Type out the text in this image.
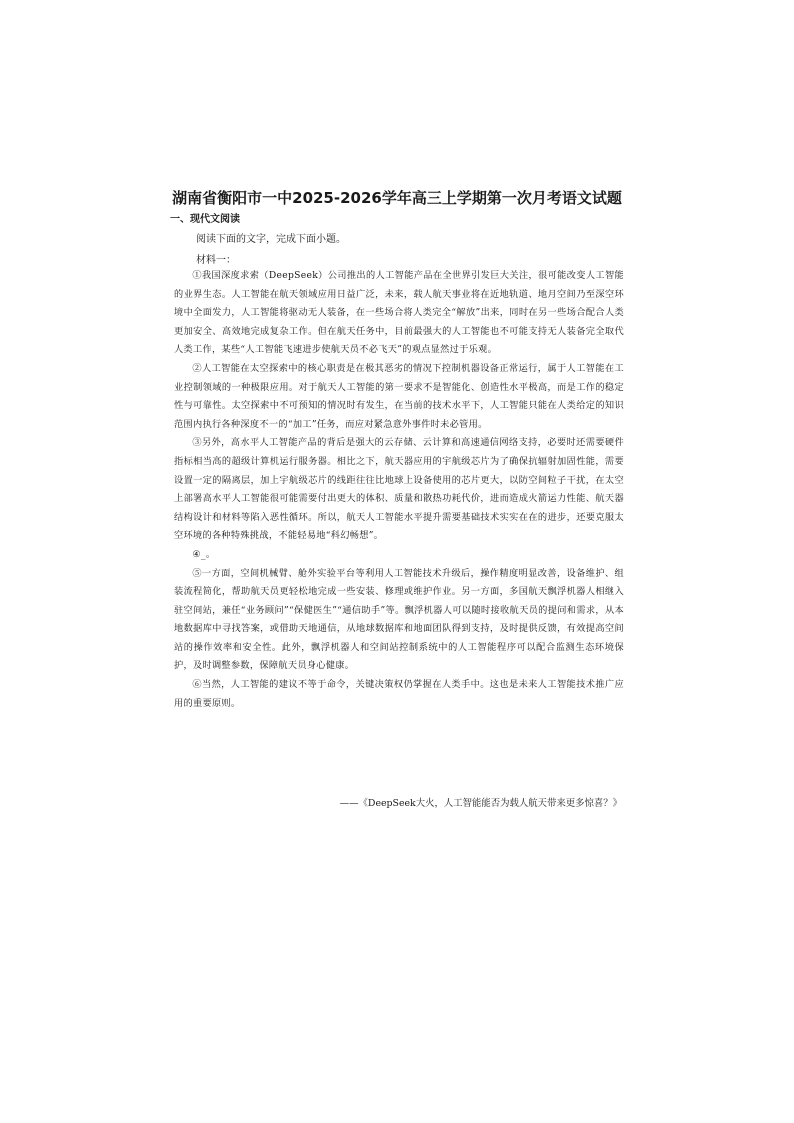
湖南省衡阳市一中2025-2026学年高三上学期第一次月考语文试题
一、现代文阅读
阅读下面的文字，完成下面小题。
材料一：

①我国深度求索（DeepSeek）公司推出的人工智能产品在全世界引发巨大关注，很可能改变人工智能的业界生态。人工智能在航天领域应用日益广泛，未来，载人航天事业将在近地轨道、地月空间乃至深空环境中全面发力，人工智能将驱动无人装备，在一些场合将人类完全“解放”出来，同时在另一些场合配合人类更加安全、高效地完成复杂工作。但在航天任务中，目前最强大的人工智能也不可能支持无人装备完全取代人类工作，某些“人工智能飞速进步使航天员不必飞天”的观点显然过于乐观。

②人工智能在太空探索中的核心职责是在极其恶劣的情况下控制机器设备正常运行，属于人工智能在工业控制领域的一种极限应用。对于航天人工智能的第一要求不是智能化、创造性水平极高，而是工作的稳定性与可靠性。太空探索中不可预知的情况时有发生，在当前的技术水平下，人工智能只能在人类给定的知识范围内执行各种深度不一的“加工”任务，而应对紧急意外事件时未必管用。

③另外，高水平人工智能产品的背后是强大的云存储、云计算和高速通信网络支持，必要时还需要硬件指标相当高的超级计算机运行服务器。相比之下，航天器应用的宇航级芯片为了确保抗辐射加固性能，需要设置一定的隔离层，加上宇航级芯片的线距往往比地球上设备使用的芯片更大，以防空间粒子干扰，在太空上部署高水平人工智能很可能需要付出更大的体积、质量和散热功耗代价，进而造成火箭运力性能、航天器结构设计和材料等陷入恶性循环。所以，航天人工智能水平提升需要基础技术实实在在的进步，还要克服太空环境的各种特殊挑战，不能轻易地“科幻畅想”。

④_。

⑤一方面，空间机械臂、舱外实验平台等利用人工智能技术升级后，操作精度明显改善，设备维护、组装流程简化，帮助航天员更轻松地完成一些安装、修理或维护作业。另一方面，多国航天飘浮机器人相继入驻空间站，兼任“业务顾问”“保健医生”“通信助手”等。飘浮机器人可以随时接收航天员的提问和需求，从本地数据库中寻找答案，或借助天地通信，从地球数据库和地面团队得到支持，及时提供反馈，有效提高空间站的操作效率和安全性。此外，飘浮机器人和空间站控制系统中的人工智能程序可以配合监测生态环境保护，及时调整参数，保障航天员身心健康。

⑥当然，人工智能的建议不等于命令，关键决策权仍掌握在人类手中。这也是未来人工智能技术推广应用的重要原则。

——《DeepSeek大火，人工智能能否为载人航天带来更多惊喜？》
